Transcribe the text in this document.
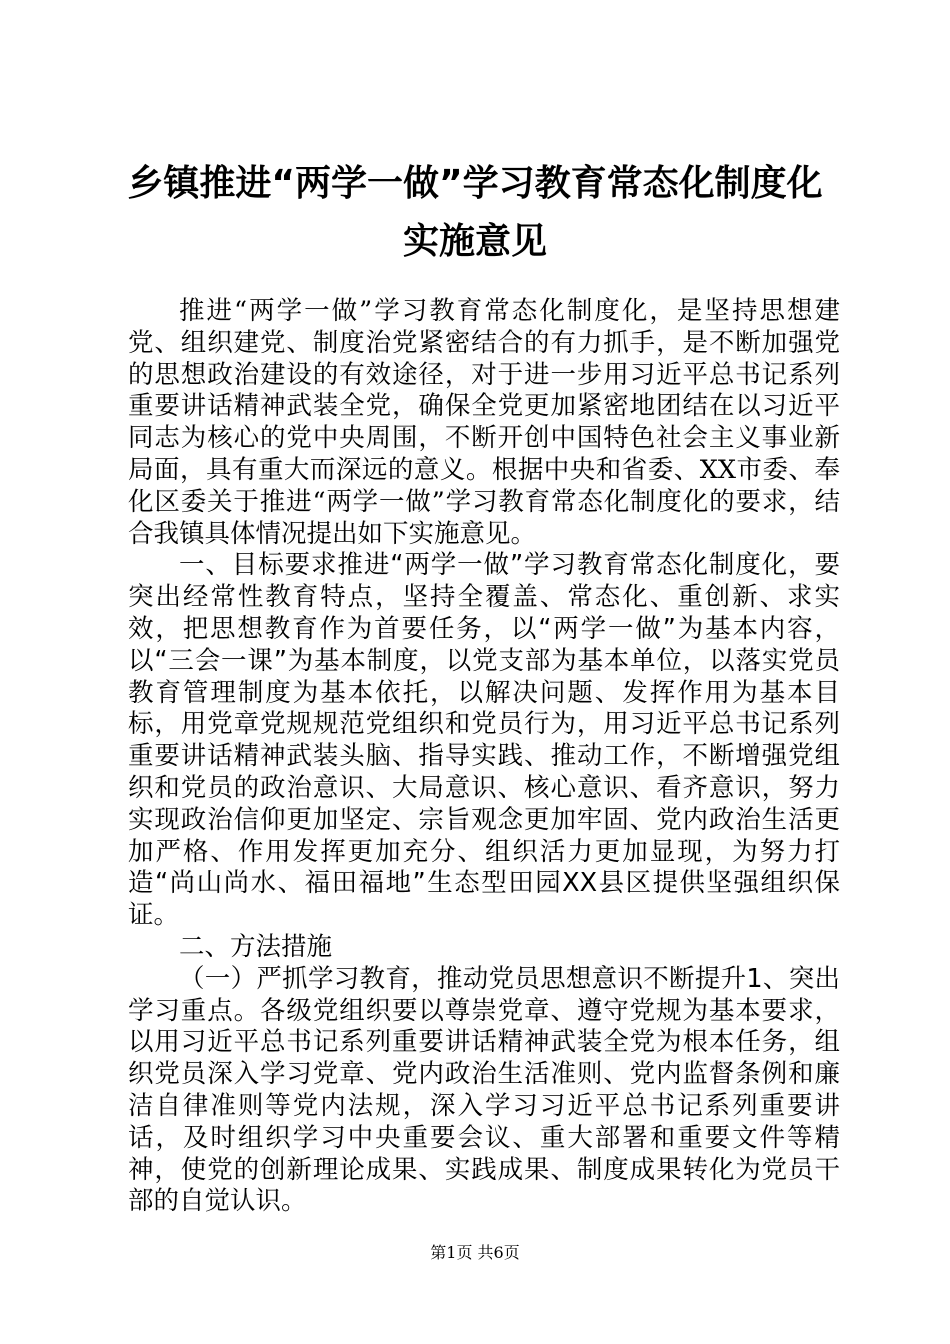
乡镇推进“两学一做”学习教育常态化制度化
实施意见

推进“两学一做”学习教育常态化制度化，是坚持思想建党、组织建党、制度治党紧密结合的有力抓手，是不断加强党的思想政治建设的有效途径，对于进一步用习近平总书记系列重要讲话精神武装全党，确保全党更加紧密地团结在以习近平同志为核心的党中央周围，不断开创中国特色社会主义事业新局面，具有重大而深远的意义。根据中央和省委、XX市委、奉化区委关于推进“两学一做”学习教育常态化制度化的要求，结合我镇具体情况提出如下实施意见。

一、目标要求推进“两学一做”学习教育常态化制度化，要突出经常性教育特点，坚持全覆盖、常态化、重创新、求实效，把思想教育作为首要任务，以“两学一做”为基本内容，以“三会一课”为基本制度，以党支部为基本单位，以落实党员教育管理制度为基本依托，以解决问题、发挥作用为基本目标，用党章党规规范党组织和党员行为，用习近平总书记系列重要讲话精神武装头脑、指导实践、推动工作，不断增强党组织和党员的政治意识、大局意识、核心意识、看齐意识，努力实现政治信仰更加坚定、宗旨观念更加牢固、党内政治生活更加严格、作用发挥更加充分、组织活力更加显现，为努力打造“尚山尚水、福田福地”生态型田园XX县区提供坚强组织保证。

二、方法措施

（一）严抓学习教育，推动党员思想意识不断提升1、突出学习重点。各级党组织要以尊崇党章、遵守党规为基本要求，以用习近平总书记系列重要讲话精神武装全党为根本任务，组织党员深入学习党章、党内政治生活准则、党内监督条例和廉洁自律准则等党内法规，深入学习习近平总书记系列重要讲话，及时组织学习中央重要会议、重大部署和重要文件等精神，使党的创新理论成果、实践成果、制度成果转化为党员干部的自觉认识。

第1页 共6页
